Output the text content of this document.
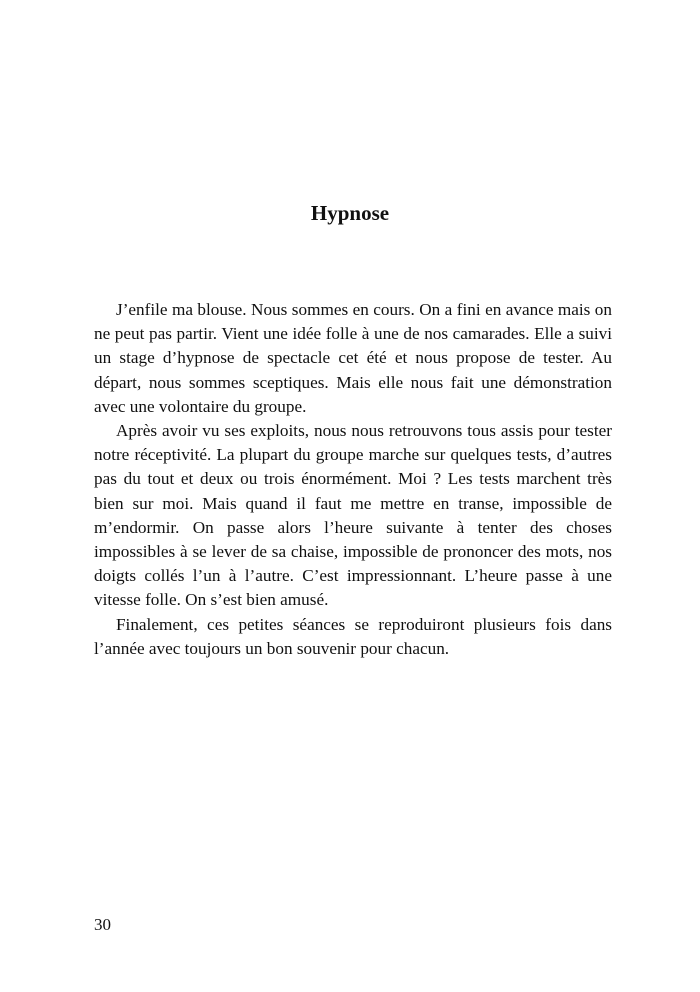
Hypnose

J’enfile ma blouse. Nous sommes en cours. On a fini en avance mais on ne peut pas partir. Vient une idée folle à une de nos camarades. Elle a suivi un stage d’hypnose de spectacle cet été et nous propose de tester. Au départ, nous sommes sceptiques. Mais elle nous fait une démonstration avec une volontaire du groupe.

Après avoir vu ses exploits, nous nous retrouvons tous assis pour tester notre réceptivité. La plupart du groupe marche sur quelques tests, d’autres pas du tout et deux ou trois énormément. Moi ? Les tests marchent très bien sur moi. Mais quand il faut me mettre en transe, impossible de m’endormir. On passe alors l’heure suivante à tenter des choses impossibles à se lever de sa chaise, impossible de prononcer des mots, nos doigts collés l’un à l’autre. C’est impressionnant. L’heure passe à une vitesse folle. On s’est bien amusé.

Finalement, ces petites séances se reproduiront plusieurs fois dans l’année avec toujours un bon souvenir pour chacun.

30
